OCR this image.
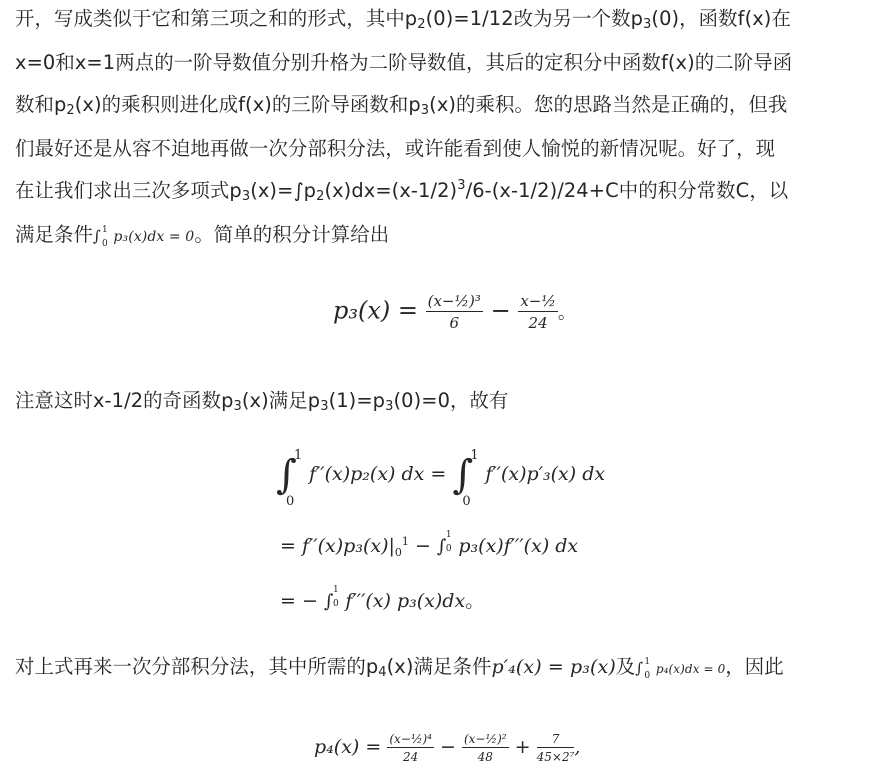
开，写成类似于它和第三项之和的形式，其中$p_2(0)=1/12$改为另一个数$p_3(0)$，函数f(x)在
x=0和x=1两点的一阶导数值分别升格为二阶导数值，其后的定积分中函数f(x)的二阶导函
数和$p_2(x)$的乘积则进化成f(x)的三阶导函数和$p_3(x)$的乘积。您的思路当然是正确的，但我
们最好还是从容不迫地再做一次分部积分法，或许能看到使人愉悦的新情况呢。好了，现
在让我们求出三次多项式$p_3(x)=\int p_2(x)dx=(x-1/2)^3/6-(x-1/2)/24+C$中的积分常数C，以
满足条件∫ 1
0 p₃(x)dx = 0。简单的积分计算给出
$p_3(x) = \frac{\text{(x−½)³}}{6} - \frac{\text{x−½}}{24}$ 。
注意这时x-1/2的奇函数$p_3(x)$满足$p_3(1)=p_3(0)=0$，故有
∫
1
0
f′′(x)p₂(x) dx = ∫
1
0
f′′(x)p′₃(x) dx
= $f''(x)p_3(x)|_0^1$ − ∫
1
0 p₃(x)f′′′(x) dx
= − ∫
1
0 f′′′(x) p₃(x)dx。
对上式再来一次分部积分法，其中所需的$p_4(x)$满足条件p′₄(x) = p₃(x)及∫ 1
0 p₄(x)dx = 0，因此
$p_4(x) = \frac{\text{(x−½)⁴}}{24} - \frac{\text{(x−½)²}}{48} + \frac{7}{\text{45×2⁷}}$ ,
